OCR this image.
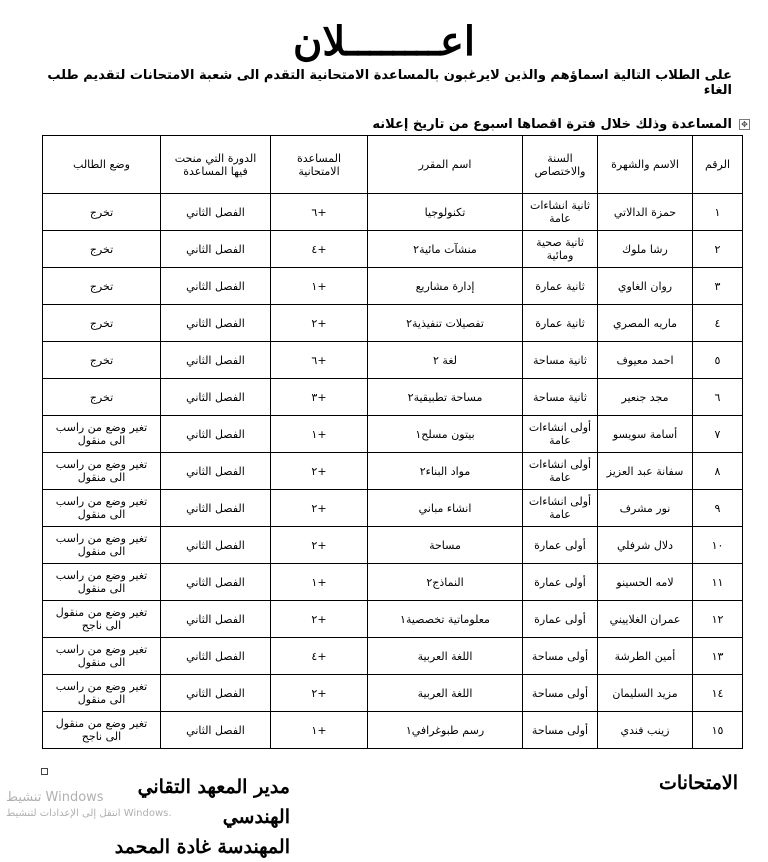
اعــــــــلان
على الطلاب التالية اسماؤهم والذين لايرغبون بالمساعدة الامتحانية التقدم الى شعبة الامتحانات لتقديم طلب الغاء
✥
المساعدة وذلك خلال فترة اقصاها اسبوع من تاريخ إعلانه
الرقم	الاسم والشهرة	السنة والاختصاص	اسم المقرر	المساعدة الامتحانية	الدورة التي منحت فيها المساعدة	وضع الطالب
١	حمزة الدالاتي	ثانية انشاءات عامة	تكنولوجيا	+٦	الفصل الثاني	تخرج
٢	رشا ملوك	ثانية صحية ومائية	منشآت مائية٢	+٤	الفصل الثاني	تخرج
٣	روان الغاوي	ثانية عمارة	إدارة مشاريع	+١	الفصل الثاني	تخرج
٤	ماريه المصري	ثانية عمارة	تفصيلات تنفيذية٢	+٢	الفصل الثاني	تخرج
٥	احمد معيوف	ثانية مساحة	لغة ٢	+٦	الفصل الثاني	تخرج
٦	مجد جنعير	ثانية مساحة	مساحة تطبيقية٢	+٣	الفصل الثاني	تخرج
٧	أسامة سويسو	أولى انشاءات عامة	بيتون مسلح١	+١	الفصل الثاني	تغير وضع من راسب الى منقول
٨	سفانة عبد العزيز	أولى انشاءات عامة	مواد البناء٢	+٢	الفصل الثاني	تغير وضع من راسب الى منقول
٩	نور مشرف	أولى انشاءات عامة	انشاء مباني	+٢	الفصل الثاني	تغير وضع من راسب الى منقول
١٠	دلال شرفلي	أولى عمارة	مساحة	+٢	الفصل الثاني	تغير وضع من راسب الى منقول
١١	لامه الحسينو	أولى عمارة	النماذج٢	+١	الفصل الثاني	تغير وضع من راسب الى منقول
١٢	عمران الغلاييني	أولى عمارة	معلوماتية تخصصية١	+٢	الفصل الثاني	تغير وضع من منقول الى ناجح
١٣	أمين الطرشة	أولى مساحة	اللغة العربية	+٤	الفصل الثاني	تغير وضع من راسب الى منقول
١٤	مزيد السليمان	أولى مساحة	اللغة العربية	+٢	الفصل الثاني	تغير وضع من راسب الى منقول
١٥	زينب فندي	أولى مساحة	رسم طبوغرافي١	+١	الفصل الثاني	تغير وضع من منقول الى ناجح
الامتحانات
مدير المعهد التقاني الهندسي
المهندسة غادة المحمد
تنشيط Windows
انتقل إلى الإعدادات لتنشيط Windows.
